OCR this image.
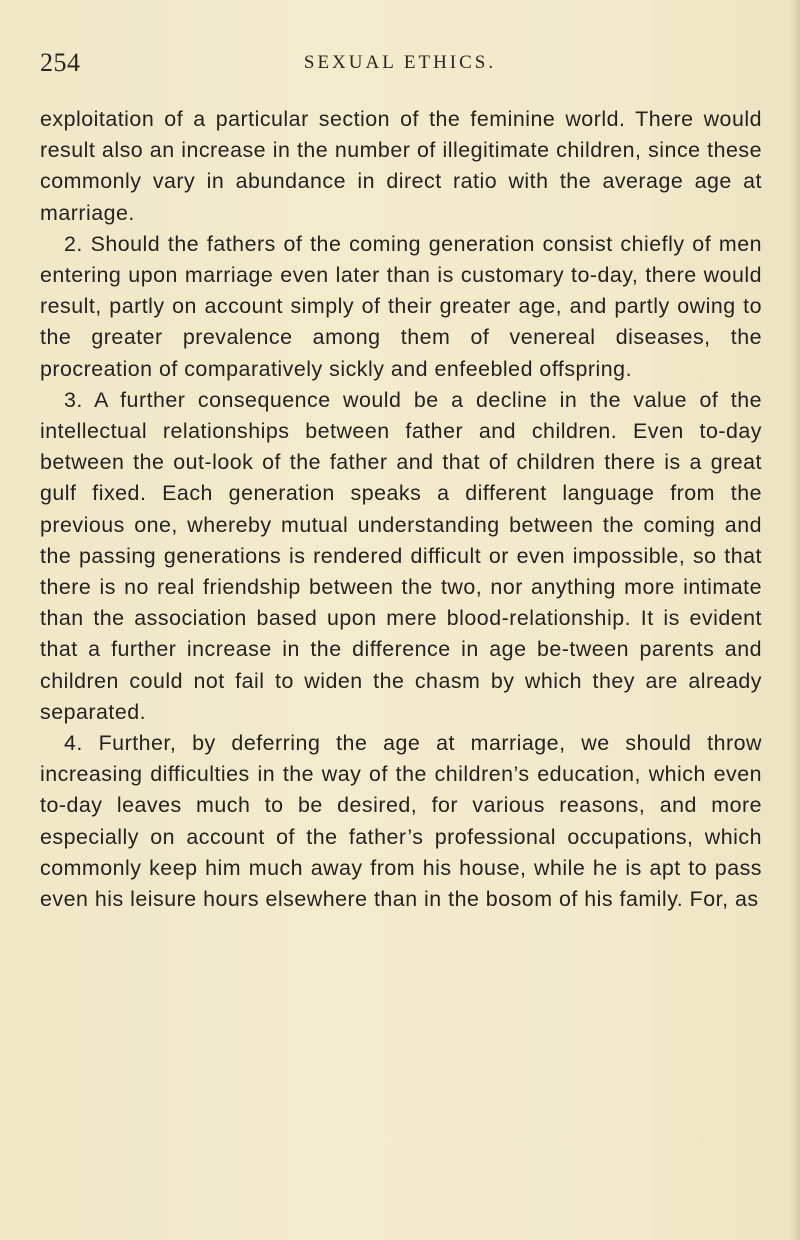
254	SEXUAL ETHICS.

exploitation of a particular section of the feminine world. There would result also an increase in the number of illegitimate children, since these commonly vary in abundance in direct ratio with the average age at marriage.

2. Should the fathers of the coming generation consist chiefly of men entering upon marriage even later than is customary to-day, there would result, partly on account simply of their greater age, and partly owing to the greater prevalence among them of venereal diseases, the procreation of comparatively sickly and enfeebled offspring.

3. A further consequence would be a decline in the value of the intellectual relationships between father and children. Even to-day between the out-look of the father and that of children there is a great gulf fixed. Each generation speaks a different language from the previous one, whereby mutual understanding between the coming and the passing generations is rendered difficult or even impossible, so that there is no real friendship between the two, nor anything more intimate than the association based upon mere blood-relationship. It is evident that a further increase in the difference in age be-tween parents and children could not fail to widen the chasm by which they are already separated.

4. Further, by deferring the age at marriage, we should throw increasing difficulties in the way of the children’s education, which even to-day leaves much to be desired, for various reasons, and more especially on account of the father’s professional occupations, which commonly keep him much away from his house, while he is apt to pass even his leisure hours elsewhere than in the bosom of his family. For, as
